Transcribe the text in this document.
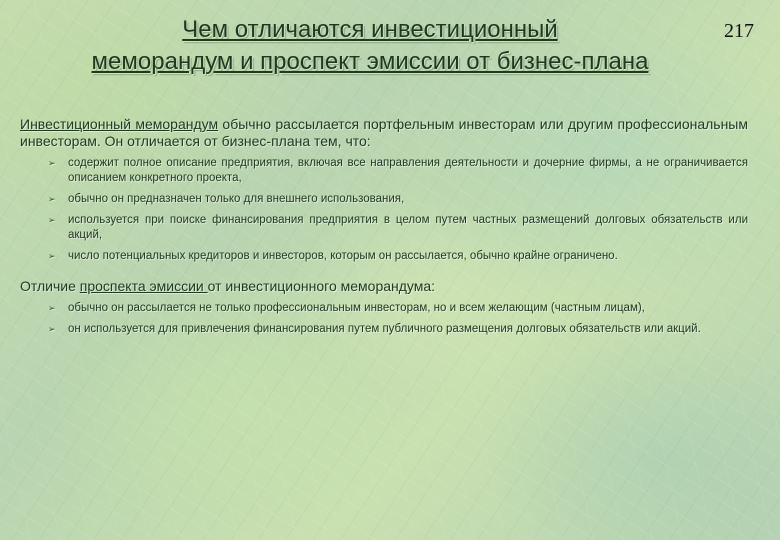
Чем отличаются инвестиционный
меморандум и проспект эмиссии от бизнес-плана
217

Инвестиционный меморандум обычно рассылается портфельным инвесторам или другим профессиональным инвесторам. Он отличается от бизнес-плана тем, что:

➢ содержит полное описание предприятия, включая все направления деятельности и дочерние фирмы, а не ограничивается описанием конкретного проекта,
➢ обычно он предназначен только для внешнего использования,
➢ используется при поиске финансирования предприятия в целом путем частных размещений долговых обязательств или акций,
➢ число потенциальных кредиторов и инвесторов, которым он рассылается, обычно крайне ограничено.

Отличие проспекта эмиссии от инвестиционного меморандума:

➢ обычно он рассылается не только профессиональным инвесторам, но и всем желающим (частным лицам),
➢ он используется для привлечения финансирования путем публичного размещения долговых обязательств или акций.
